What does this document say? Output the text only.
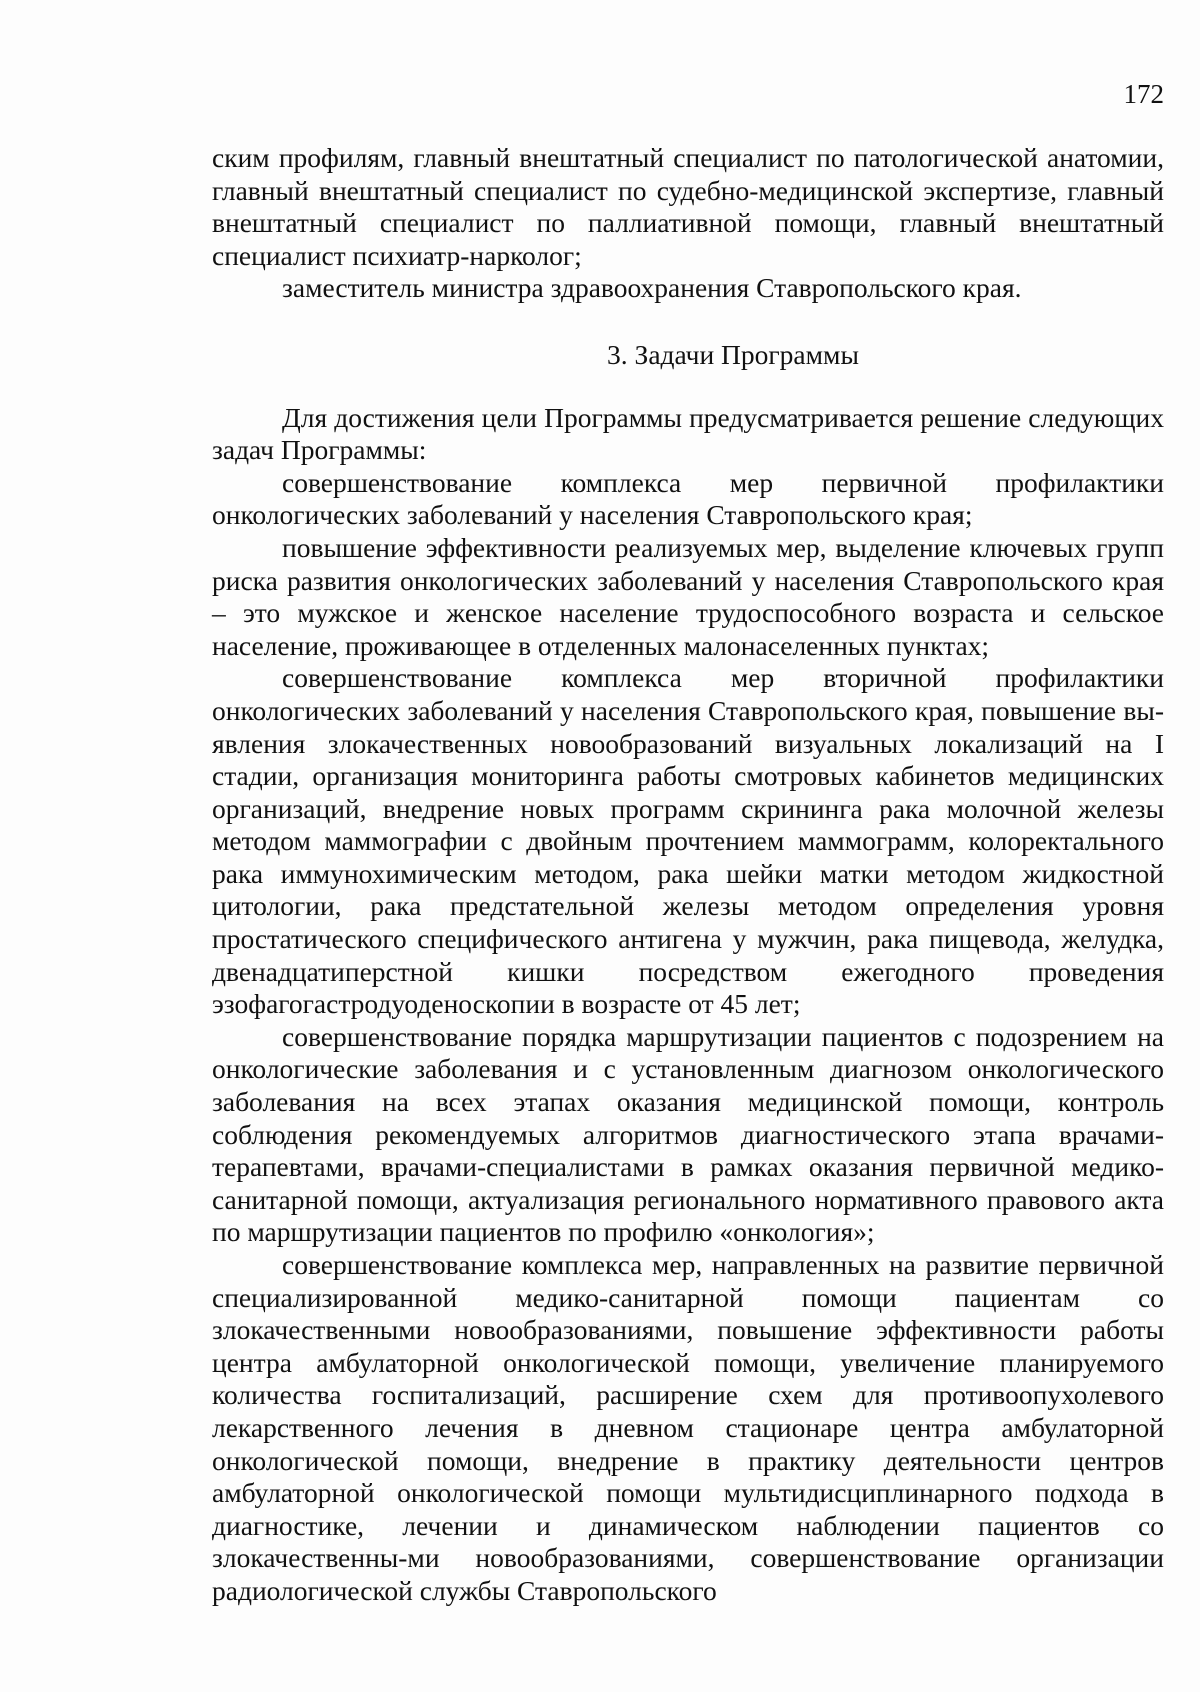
172

ским профилям, главный внештатный специалист по патологической анатомии, главный внештатный специалист по судебно-медицинской экспертизе, главный внештатный специалист по паллиативной помощи, главный внештатный специалист психиатр-нарколог;

заместитель министра здравоохранения Ставропольского края.

3. Задачи Программы

Для достижения цели Программы предусматривается решение следующих задач Программы:

совершенствование комплекса мер первичной профилактики онкологических заболеваний у населения Ставропольского края;

повышение эффективности реализуемых мер, выделение ключевых групп риска развития онкологических заболеваний у населения Ставропольского края – это мужское и женское население трудоспособного возраста и сельское население, проживающее в отделенных малонаселенных пунктах;

совершенствование комплекса мер вторичной профилактики онкологических заболеваний у населения Ставропольского края, повышение вы-явления злокачественных новообразований визуальных локализаций на I стадии, организация мониторинга работы смотровых кабинетов медицинских организаций, внедрение новых программ скрининга рака молочной железы методом маммографии с двойным прочтением маммограмм, колоректального рака иммунохимическим методом, рака шейки матки методом жидкостной цитологии, рака предстательной железы методом определения уровня простатического специфического антигена у мужчин, рака пищевода, желудка, двенадцатиперстной кишки посредством ежегодного проведения эзофагогастродуоденоскопии в возрасте от 45 лет;

совершенствование порядка маршрутизации пациентов с подозрением на онкологические заболевания и с установленным диагнозом онкологического заболевания на всех этапах оказания медицинской помощи, контроль соблюдения рекомендуемых алгоритмов диагностического этапа врачами-терапевтами, врачами-специалистами в рамках оказания первичной медико-санитарной помощи, актуализация регионального нормативного правового акта по маршрутизации пациентов по профилю «онкология»;

совершенствование комплекса мер, направленных на развитие первичной специализированной медико-санитарной помощи пациентам со злокачественными новообразованиями, повышение эффективности работы центра амбулаторной онкологической помощи, увеличение планируемого количества госпитализаций, расширение схем для противоопухолевого лекарственного лечения в дневном стационаре центра амбулаторной онкологической помощи, внедрение в практику деятельности центров амбулаторной онкологической помощи мультидисциплинарного подхода в диагностике, лечении и динамическом наблюдении пациентов со злокачественны-ми новообразованиями, совершенствование организации радиологической службы Ставропольского
